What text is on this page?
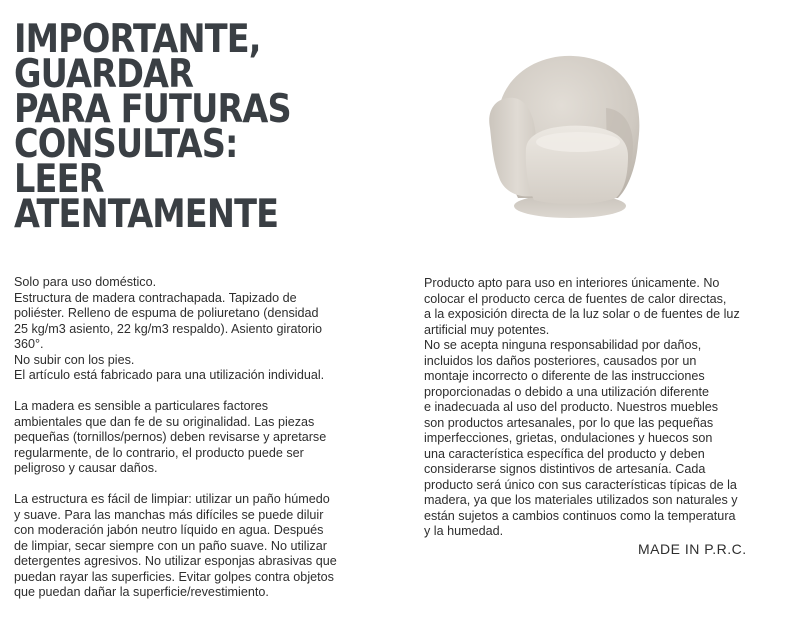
IMPORTANTE,
GUARDAR
PARA FUTURAS
CONSULTAS:
LEER
ATENTAMENTE

Solo para uso doméstico.
Estructura de madera contrachapada. Tapizado de
poliéster. Relleno de espuma de poliuretano (densidad
25 kg/m3 asiento, 22 kg/m3 respaldo). Asiento giratorio
360°.
No subir con los pies.
El artículo está fabricado para una utilización individual.

La madera es sensible a particulares factores
ambientales que dan fe de su originalidad. Las piezas
pequeñas (tornillos/pernos) deben revisarse y apretarse
regularmente, de lo contrario, el producto puede ser
peligroso y causar daños.

La estructura es fácil de limpiar: utilizar un paño húmedo
y suave. Para las manchas más difíciles se puede diluir
con moderación jabón neutro líquido en agua. Después
de limpiar, secar siempre con un paño suave. No utilizar
detergentes agresivos. No utilizar esponjas abrasivas que
puedan rayar las superficies. Evitar golpes contra objetos
que puedan dañar la superficie/revestimiento.

Producto apto para uso en interiores únicamente. No
colocar el producto cerca de fuentes de calor directas,
a la exposición directa de la luz solar o de fuentes de luz
artificial muy potentes.
No se acepta ninguna responsabilidad por daños,
incluidos los daños posteriores, causados por un
montaje incorrecto o diferente de las instrucciones
proporcionadas o debido a una utilización diferente
e inadecuada al uso del producto. Nuestros muebles
son productos artesanales, por lo que las pequeñas
imperfecciones, grietas, ondulaciones y huecos son
una característica específica del producto y deben
considerarse signos distintivos de artesanía. Cada
producto será único con sus características típicas de la
madera, ya que los materiales utilizados son naturales y
están sujetos a cambios continuos como la temperatura
y la humedad.

MADE IN P.R.C.
